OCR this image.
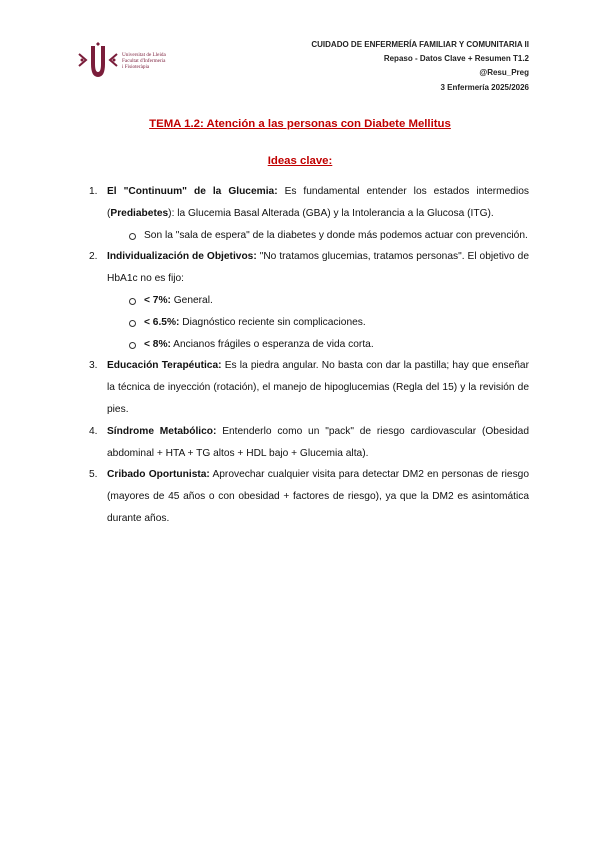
Universitat de Lleida
Facultat d'Infermeria
i Fisioteràpia
CUIDADO DE ENFERMERÍA FAMILIAR Y COMUNITARIA II
Repaso - Datos Clave + Resumen T1.2
@Resu_Preg
3 Enfermería 2025/2026
TEMA 1.2: Atención a las personas con Diabete Mellitus
Ideas clave:
1. El "Continuum" de la Glucemia: Es fundamental entender los estados intermedios (Prediabetes): la Glucemia Basal Alterada (GBA) y la Intolerancia a la Glucosa (ITG).
Son la "sala de espera" de la diabetes y donde más podemos actuar con prevención.
2. Individualización de Objetivos: "No tratamos glucemias, tratamos personas". El objetivo de HbA1c no es fijo:
< 7%: General.
< 6.5%: Diagnóstico reciente sin complicaciones.
< 8%: Ancianos frágiles o esperanza de vida corta.
3. Educación Terapéutica: Es la piedra angular. No basta con dar la pastilla; hay que enseñar la técnica de inyección (rotación), el manejo de hipoglucemias (Regla del 15) y la revisión de pies.
4. Síndrome Metabólico: Entenderlo como un "pack" de riesgo cardiovascular (Obesidad abdominal + HTA + TG altos + HDL bajo + Glucemia alta).
5. Cribado Oportunista: Aprovechar cualquier visita para detectar DM2 en personas de riesgo (mayores de 45 años o con obesidad + factores de riesgo), ya que la DM2 es asintomática durante años.
